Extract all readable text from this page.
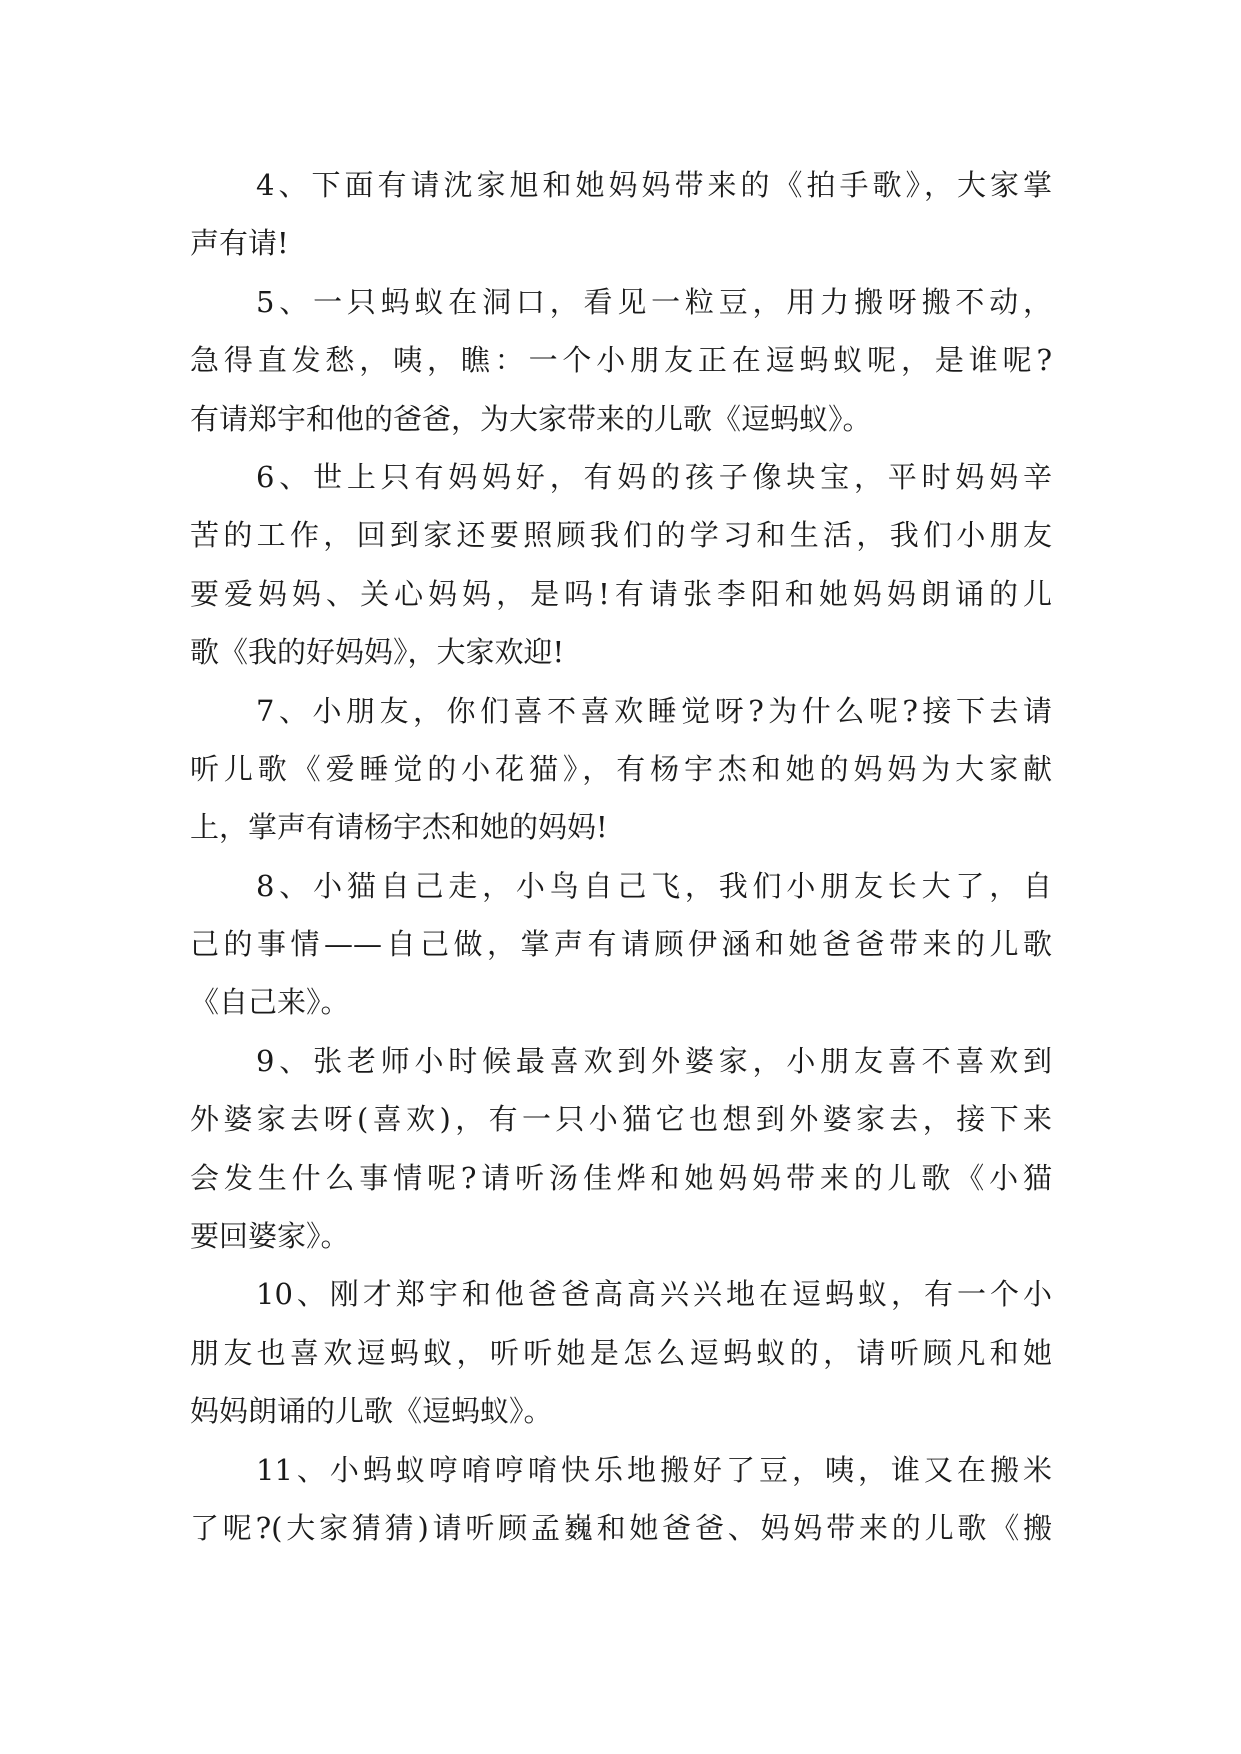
4、下面有请沈家旭和她妈妈带来的《拍手歌》，大家掌
声有请!
5、一只蚂蚁在洞口，看见一粒豆，用力搬呀搬不动，
急得直发愁，咦，瞧：一个小朋友正在逗蚂蚁呢，是谁呢?
有请郑宇和他的爸爸，为大家带来的儿歌《逗蚂蚁》。
6、世上只有妈妈好，有妈的孩子像块宝，平时妈妈辛
苦的工作，回到家还要照顾我们的学习和生活，我们小朋友
要爱妈妈、关心妈妈，是吗!有请张李阳和她妈妈朗诵的儿
歌《我的好妈妈》，大家欢迎!
7、小朋友，你们喜不喜欢睡觉呀?为什么呢?接下去请
听儿歌《爱睡觉的小花猫》，有杨宇杰和她的妈妈为大家献
上，掌声有请杨宇杰和她的妈妈!
8、小猫自己走，小鸟自己飞，我们小朋友长大了，自
己的事情——自己做，掌声有请顾伊涵和她爸爸带来的儿歌
《自己来》。
9、张老师小时候最喜欢到外婆家，小朋友喜不喜欢到
外婆家去呀(喜欢)，有一只小猫它也想到外婆家去，接下来
会发生什么事情呢?请听汤佳烨和她妈妈带来的儿歌《小猫
要回婆家》。
10、刚才郑宇和他爸爸高高兴兴地在逗蚂蚁，有一个小
朋友也喜欢逗蚂蚁，听听她是怎么逗蚂蚁的，请听顾凡和她
妈妈朗诵的儿歌《逗蚂蚁》。
11、小蚂蚁哼唷哼唷快乐地搬好了豆，咦，谁又在搬米
了呢?(大家猜猜)请听顾孟巍和她爸爸、妈妈带来的儿歌《搬
